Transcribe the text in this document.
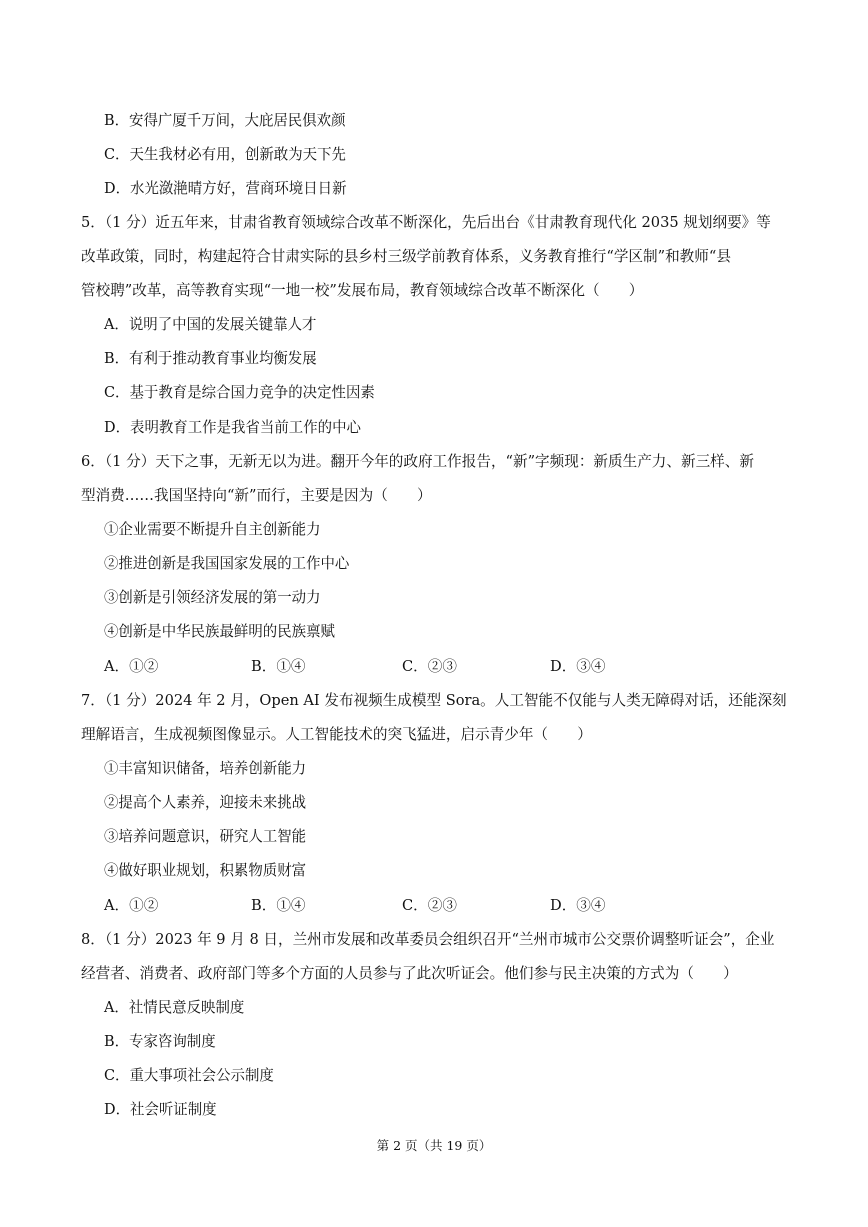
B．安得广厦千万间，大庇居民俱欢颜
C．天生我材必有用，创新敢为天下先
D．水光潋滟晴方好，营商环境日日新
5．（1 分）近五年来，甘肃省教育领域综合改革不断深化，先后出台《甘肃教育现代化 2035 规划纲要》等
改革政策，同时，构建起符合甘肃实际的县乡村三级学前教育体系，义务教育推行“学区制”和教师“县
管校聘”改革，高等教育实现“一地一校”发展布局，教育领域综合改革不断深化（　　）
A．说明了中国的发展关键靠人才
B．有利于推动教育事业均衡发展
C．基于教育是综合国力竞争的决定性因素
D．表明教育工作是我省当前工作的中心
6．（1 分）天下之事，无新无以为进。翻开今年的政府工作报告，“新”字频现：新质生产力、新三样、新
型消费……我国坚持向“新”而行，主要是因为（　　）
①企业需要不断提升自主创新能力
②推进创新是我国国家发展的工作中心
③创新是引领经济发展的第一动力
④创新是中华民族最鲜明的民族禀赋
A．①②	B．①④	C．②③	D．③④
7．（1 分）2024 年 2 月，Open AI 发布视频生成模型 Sora。人工智能不仅能与人类无障碍对话，还能深刻
理解语言，生成视频图像显示。人工智能技术的突飞猛进，启示青少年（　　）
①丰富知识储备，培养创新能力
②提高个人素养，迎接未来挑战
③培养问题意识，研究人工智能
④做好职业规划，积累物质财富
A．①②	B．①④	C．②③	D．③④
8．（1 分）2023 年 9 月 8 日，兰州市发展和改革委员会组织召开“兰州市城市公交票价调整听证会”，企业
经营者、消费者、政府部门等多个方面的人员参与了此次听证会。他们参与民主决策的方式为（　　）
A．社情民意反映制度
B．专家咨询制度
C．重大事项社会公示制度
D．社会听证制度
第 2 页（共 19 页）
